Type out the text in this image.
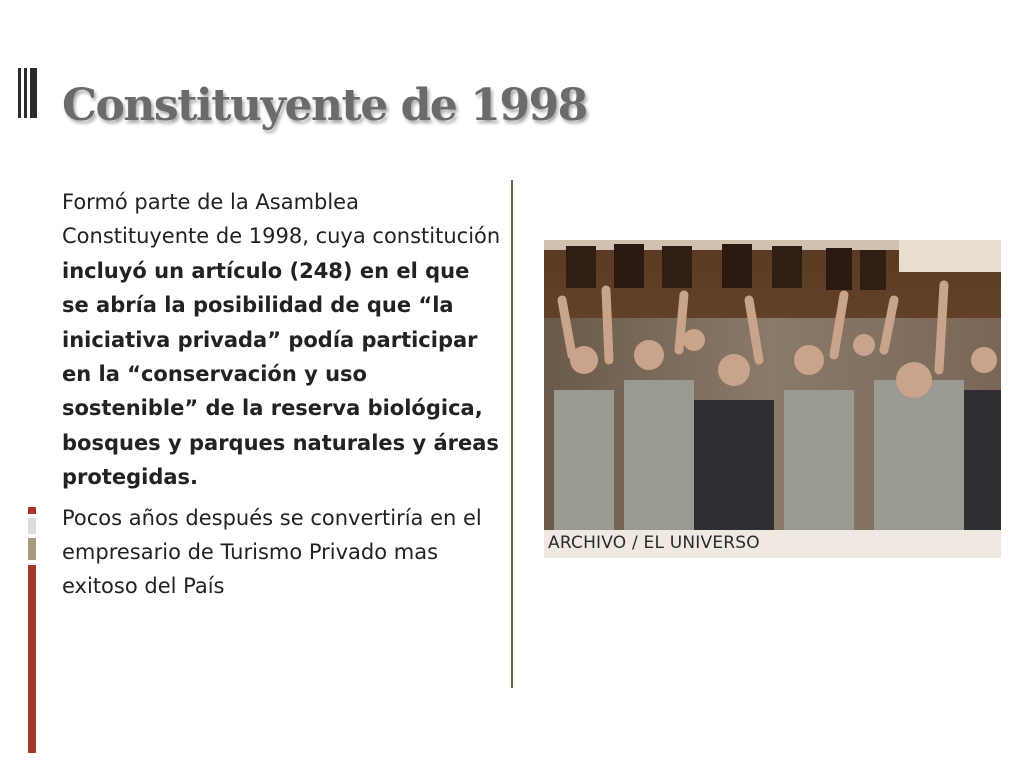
Constituyente de 1998

Formó parte de la Asamblea Constituyente de 1998, cuya constitución incluyó un artículo (248) en el que se abría la posibilidad de que “la iniciativa privada” podía participar en la “conservación y uso sostenible” de la reserva biológica, bosques y parques naturales y áreas protegidas.

Pocos años después se convertiría en el empresario de Turismo Privado mas exitoso del País

ARCHIVO / EL UNIVERSO
